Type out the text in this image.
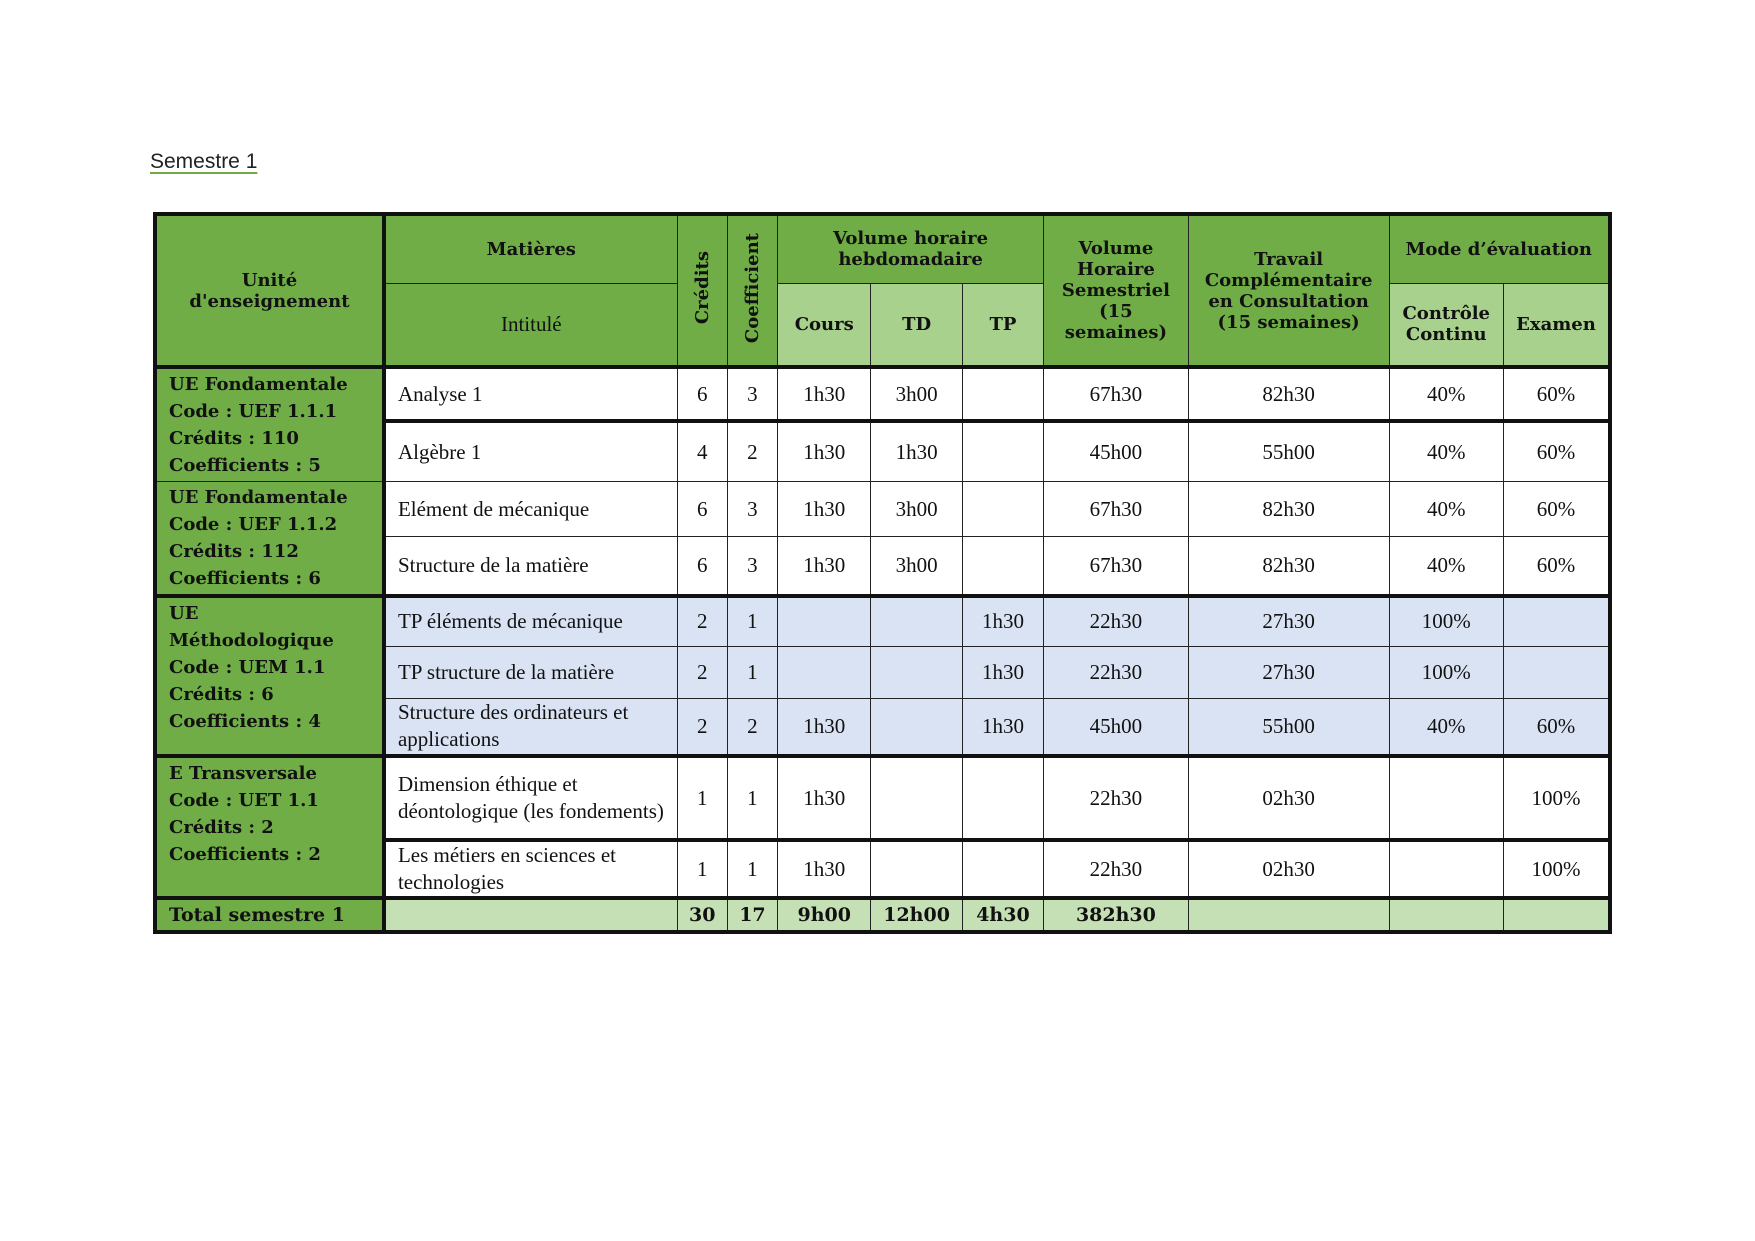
Semestre 1
Unité d'enseignement	Matières	Crédits	Coefficient	Volume horaire hebdomadaire			Volume Horaire Semestriel (15 semaines)	Travail Complémentaire en Consultation (15 semaines)	Mode d’évaluation	
	Intitulé			Cours	TD	TP			Contrôle Continu	Examen

UE Fondamentale
Code : UEF 1.1.1
Crédits : 110
Coefficients : 5	Analyse 1	6	3	1h30	3h00		67h30	82h30	40%	60%
	Algèbre 1	4	2	1h30	1h30		45h00	55h00	40%	60%

UE Fondamentale
Code : UEF 1.1.2
Crédits : 112
Coefficients : 6	Elément de mécanique	6	3	1h30	3h00		67h30	82h30	40%	60%
	Structure de la matière	6	3	1h30	3h00		67h30	82h30	40%	60%

UE
Méthodologique
Code : UEM 1.1
Crédits : 6
Coefficients : 4	TP éléments de mécanique	2	1			1h30	22h30	27h30	100%	
	TP structure de la matière	2	1			1h30	22h30	27h30	100%	
	Structure des ordinateurs et applications	2	2	1h30		1h30	45h00	55h00	40%	60%

E Transversale
Code : UET 1.1
Crédits : 2
Coefficients : 2	Dimension éthique et déontologique (les fondements)	1	1	1h30			22h30	02h30		100%
	Les métiers en sciences et technologies	1	1	1h30			22h30	02h30		100%
Total semestre 1		30	17	9h00	12h00	4h30	382h30			
